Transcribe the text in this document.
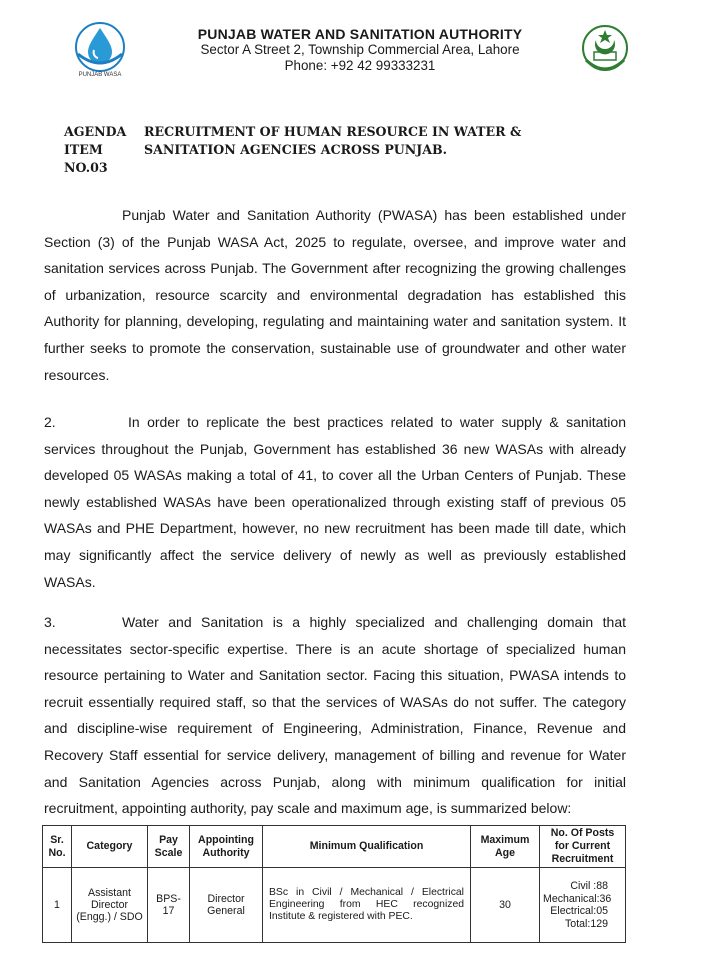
PUNJAB WASA
PUNJAB WATER AND SANITATION AUTHORITY
Sector A Street 2, Township Commercial Area, Lahore
Phone: +92 42 99333231
AGENDA
ITEM
NO.03
RECRUITMENT OF HUMAN RESOURCE IN WATER &
SANITATION AGENCIES ACROSS PUNJAB.
Punjab Water and Sanitation Authority (PWASA) has been established under Section (3) of the Punjab WASA Act, 2025 to regulate, oversee, and improve water and sanitation services across Punjab. The Government after recognizing the growing challenges of urbanization, resource scarcity and environmental degradation has established this Authority for planning, developing, regulating and maintaining water and sanitation system. It further seeks to promote the conservation, sustainable use of groundwater and other water resources.
2.	In order to replicate the best practices related to water supply & sanitation services throughout the Punjab, Government has established 36 new WASAs with already developed 05 WASAs making a total of 41, to cover all the Urban Centers of Punjab. These newly established WASAs have been operationalized through existing staff of previous 05 WASAs and PHE Department, however, no new recruitment has been made till date, which may significantly affect the service delivery of newly as well as previously established WASAs.
3.	Water and Sanitation is a highly specialized and challenging domain that necessitates sector-specific expertise. There is an acute shortage of specialized human resource pertaining to Water and Sanitation sector. Facing this situation, PWASA intends to recruit essentially required staff, so that the services of WASAs do not suffer. The category and discipline-wise requirement of Engineering, Administration, Finance, Revenue and Recovery Staff essential for service delivery, management of billing and revenue for Water and Sanitation Agencies across Punjab, along with minimum qualification for initial recruitment, appointing authority, pay scale and maximum age, is summarized below:
Sr. No.	Category	Pay Scale	Appointing Authority	Minimum Qualification	Maximum Age	No. Of Posts for Current Recruitment
1	Assistant Director (Engg.) / SDO	BPS-17	Director General	BSc in Civil / Mechanical / Electrical Engineering from HEC recognized Institute & registered with PEC.	30	Civil :88
Mechanical:36
Electrical:05
Total:129
